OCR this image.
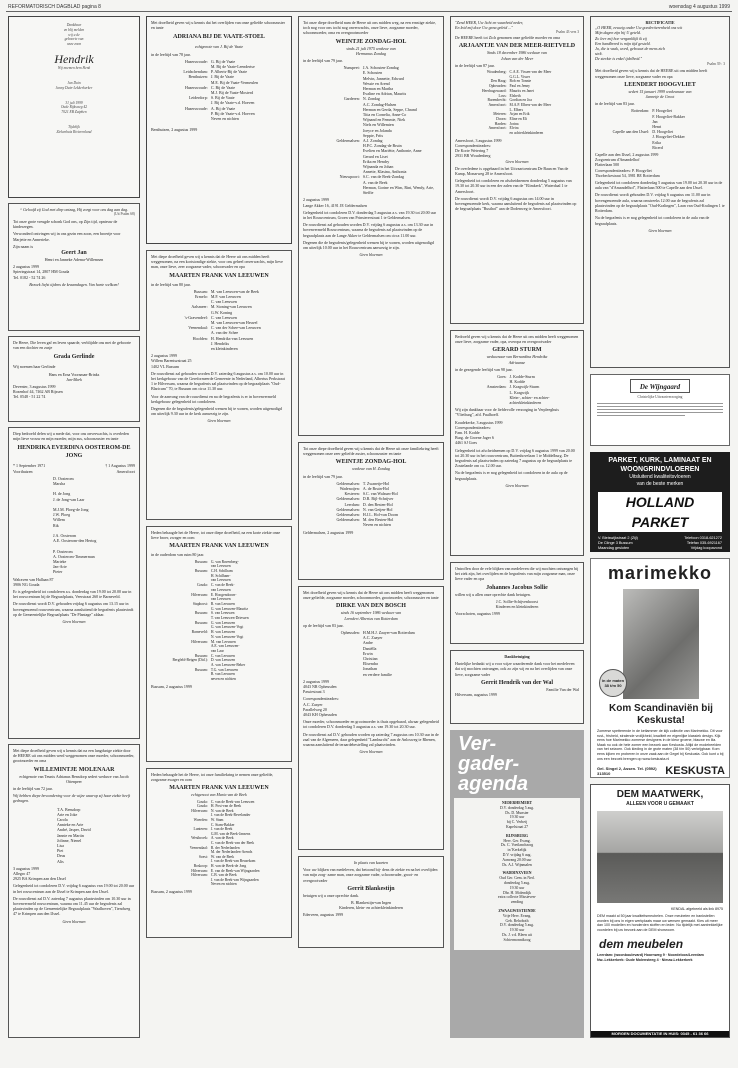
REFORMATORISCH DAGBLAD pagina 8	woensdag 4 augustus 1999
Dankbaar
en blij melden
wij u de
geboorte van
onze zoon
Hendrik
Wij noemen hem Henk
Jan Duin
Janny Duin-Lekkerkerker
31 juli 1999
Oude Rijksweg 42
7021 EB Zutphen
Tijdelijk
Ziekenhuis Rivierenland
“ Geloofd zij God met diep ontzag, Hij zorgt voor ons dag aan dag.
(Uit Psalm 68)
Tot onze grote vreugde schonk God ons, op Zijn tijd, opnieuw de kinderzegen.
Verwonderd ontvingen wij in ons gezin een zoon, een broertje voor Marjette en Annerieke.
Zijn naam is
Geert Jan
Henri en Janneke Adema-Willemsen
2 augustus 1999
Spieringstraat 14, 2807 HM Gouda
Tel. 0182 - 52 74 26
Bezoek liefst tijdens de kraamdagen. Van harte welkom!
De Heere, Die leven gaf en leven spaarde, verblijdde ons met de geboorte van een dochter en zusje
Grada Gerlinde
Wij noemen haar Gerlinde
Hans en Erna Voorsman-Brinks
Jan-Mark
Deventer, 3 augustus 1999
Rozenhof 44, 7462 AB Rijssen
Tel. 0548 - 51 22 74
Diep bedroefd delen wij u mede dat, voor ons onverwachts, is overleden mijn lieve vrouw en mijn moeder, mijn zus, schoonzuster en tante
HENDRIKA EVERDINA OOSTEROM-DE JONG
* 1 September 1971	† 1 Augustus 1999
Voorthuizen	Amersfoort
D. Oosterom
Marsha

H. de Jong
J. de Jong-van Laar

M.J.M. Ploeg-de Jong
J.W. Ploeg
Willem
Rik

J.A. Oosterom
A.E. Oosterom-den Hertog

P. Oosterom
A. Oosterom-Timmerman
Marieke
Jan-Arie
Pieter
Walraven van Hallaan 87
3906 NG Gouda
Er is gelegenheid tot condoleren a.s. donderdag van 19.00 tot 20.00 uur in het rouwcentrum bij de Begraafplaats, Veerstraat 260 te Barneveld.
De rouwdienst wordt D.V. gehouden vrijdag 6 augustus om 13.15 uur in bovengenoemd rouwcentrum, waarna aansluitend de begrafenis plaatsvindt op de Gemeentelijke Begraafplaats "De Plantage" aldaar.
Geen bloemen
Met diepe droefheid geven wij u kennis dat na een langdurige ziekte door de HEERE uit ons midden werd weggenomen onze moeder, schoonmoeder, grootmoeder en oma
WILLEMINTJE MOLENAAR
echtgenote van Teunis Adrianus Bensdorp sedert weduwe van Jacob Ottenpeer
in de leeftijd van 72 jaar.
Wij hebben diepe bewondering voor de wijze waarop zij haar ziekte heeft gedragen.
T.A. Bensdorp
Arie en Joke
Carola
Annieke en Arie
André, Jasper, David
Jannie en Martin
Jolinne, Nienel
Lisa
Piet
Deus
Alis
3 augustus 1999
Allegro 47
2925 BA Krimpen aan den IJssel
Gelegenheid tot condoleren D.V. vrijdag 6 augustus van 19.00 tot 20.00 uur in het rouwcentrum aan de IJssel te Krimpen aan den IJssel.
De rouwdienst zal D.V. zaterdag 7 augustus plaatsvinden om 10.30 uur in bovenvermeld rouwcentrum, waarna om 11.45 uur de begrafenis zal plaatsvinden op de Gemeentelijke Begraafplaats "Waalhoven", Tiendweg 47 te Krimpen aan den IJssel.
Geen bloemen
Met droefheid geven wij u kennis dat het overlijden van onze geliefde schoonzuster en tante
ADRIANA BIJ DE VAATE-STOEL
echtgenote van J. Bij de Vaate
in de leeftijd van 78 jaar.
Hazerswoude: G. Bij de Vaate
M. Bij de Vaate-Leendertse
Leidschendam: P. Alberts-Bij de Vaate
Benthuizen: J. Bij de Vaate
M.E. Bij de Vaate-Vermeulen
Hazerswoude: C. Bij de Vaate
M.J. Bij de Vaate-Mosterd
Leiderdorp: S. Bij de Vaate
J. Bij de Vaate-v.d. Hoeven
Hazerswoude: A. Bij de Vaate
P. Bij de Vaate-v.d. Hoeven
Neven en nichten
Benthuizen, 2 augustus 1999
Met diepe droefheid geven wij u kennis dat de Heere uit ons midden heeft weggenomen, na een kortstondige ziekte, voor ons geheel onverwachts, mijn lieve man, onze lieve, zeer zorgzame vader, schoonvader en opa
MAARTEN FRANK VAN LEEUWEN
in de leeftijd van 80 jaar.
Bussum: M. van Leeuwen-van de Beek
Ermelo: M.F. van Leeuwen
C. van Leeuwen
Aalsmeer: M. Stoning-van Leeuwen
G.W. Koning
's-Gravendeel: C. van Leeuwen
M. van Leeuwen-van Heuvel
Veenendaal: C. van der Schee-van Leeuwen
A. van der Schee
Hoofden: H. Hendriks-van Leeuwen
J. Hendriks
en kleinkinderen
2 augustus 1999
Willem Barentszstraat 25
1402 VL Bussum
De rouwdienst zal gehouden worden D.V. zaterdag 6 augustus a.s. om 10.00 uur in het kerkgebouw van de Gereformeerde Gemeente in Nederland, Albertus Perkstraat 1 te Hilversum, waarna de begrafenis zal plaatsvinden op de begraafplaats "Oud-Blaricum" 70, te Bussum om circa 11.30 uur.
Voor de aanvang van de rouwdienst en na de begrafenis is er in bovenvermeld kerkgebouw gelegenheid tot condoleren.
Degenen die de begrafenis/gelegenheid wensen bij te wonen, worden uitgenodigd om uiterlijk 9.30 uur in de kerk aanwezig te zijn.
Geen bloemen
Heden behaagde het de Heere, tot onze diepe droefheid, na een korte ziekte onze lieve broer, zwager en oom
MAARTEN FRANK VAN LEEUWEN
in de ouderdom van ruim 80 jaar.
Bussum: G. van Ravenberg-
van Leeuwen
Bussum: C.H. Schilham
H. Schilham-
van Leeuwen
Gouda: C. van de Beek-
van Leeuwen
Hilversum: E. Hoogendoorn-
van Leeuwen
Staphorst: R. van Leeuwen
G. van Leeuwen-Mauritz
Bussum: S. van Leeuwen
T. van Leeuwen-Driessen
Bussum: G. van Leeuwen
G. van Leeuwen-Vogt
Barneveld: H. van Leeuwen
N. van Leeuwen-Vogt
Hilversum: M. van Leeuwen
A.E. van Leeuwen-
van Laar
Bussum: C. van Leeuwen
Bergfeld-Beigen (Did.): D. van Leeuwen
A. van Leeuwen-Beker
Bussum: T.G. van Leeuwen
B. van Leeuwen
neven en nichten
Bussum, 2 augustus 1999
Heden behaagde het de Heere, tot onze familiekring te nemen onze geliefde, zorgzame zwager en oom
MAARTEN FRANK VAN LEEUWEN
echtgenoot van Maria van de Beek
Gouda: C. van de Beek-van Leeuwen
Gouda: H. Post-van de Beek
Hilversum: N. van de Beek
J. van de Beek-Bevelander
Woerden: W. Stam
C. Stam-Bakker
Lunteren: J. van de Beek
G.M. van de Beek-Jansens
Westbroek: A. van de Beek
C. van de Beek-van der Beek
Veenendaal: R. der Nederlanden
M. der Nederlanden-Arends
Soest: W. van de Beek
J. van de Beek-van Beusekom
Boskoop: H. van de Beek-de Jong
Hilversum: E. van de Beek-van Wijngaarden
Hilversum: C.B. van de Beek
J. van de Beek-van Wijngaarden
Neven en nichten
Bussum, 2 augustus 1999
Tot onze diepe droefheid nam de Heere uit ons midden weg, na een ernstige ziekte, toch nog voor ons tocht nog onverwachts, onze lieve, zorgzame moeder, schoonmoeder, oma en overgrootmoeder
WEINTJE ZONDAG-HOL
sinds 21 juli 1975 weduwe van
Hermanus Zondag
in de leeftijd van 79 jaar.
Nunspeet: J.A. Schouten-Zondag
E. Schouten
Melvin, Jannette, Edward
Wessie en Arend
Herman en Martha
Evaline en Adrian, Maurits
Garderen: N. Zondag
A.C. Zondag-Hulsen
Herman en Gerda, Seppe, Chrand
Titia en Cornelia, Anne-Co
Wijnand en Femmie, Niek
Niels en Willemien
Joeyce en Jolanda
Seppie, Frits
Geldermalsen: A.J. Zondag
H.P.C. Zondag-de Bruin
Evelien en Mariëtte, Anthonie, Anne
Gerard en Liset
Erika en Hendry
Wijnanda en Johan
Annette, Klasina, Anthonia
Nieuwpoort: S.C. van de Beek-Zondag
A. van de Beek
Herman, Gorine en Wim, Rini, Wendy, Arie, Steffie
2 augustus 1999
Lange Akker 16, 4191 JE Geldermalsen
Gelegenheid tot condoleren D.V. donderdag 5 augustus a.s. van 19.30 tot 20.00 uur in het Rouwcentrum, Groen van Prinstererstraat 1 te Geldermalsen.
De rouwdienst zal gehouden worden D.V. vrijdag 6 augustus a.s. om 13.30 uur in bovenvermeld Rouwcentrum, waarna de begrafenis zal plaatsvinden op de begraafplaats aan de Lange Akker te Geldermalsen om circa 11.00 uur.
Degenen die de begrafenis/gelegenheid wensen bij te wonen, worden uitgenodigd om uiterlijk 10.00 uur in het Rouwcentrum aanwezig te zijn.
Geen bloemen
Tot onze diepe droefheid geven wij u kennis dat de Heere uit onze familiekring heeft weggenomen onze zeer geliefde zuster, schoonzuster en tante
WEINTJE ZONDAG-HOL
weduwe van H. Zondag
in de leeftijd van 79 jaar.
Geldermalsen: T. Zwanetje-Hol
Wadenoijen: A. de Bruin-Hol
Kesteren: S.C. van Walsum-Hol
Geldermalsen: D.R. Bijl-Schrijver
Leerdam: D. den Besten-Hol
Geldermalsen: N. van Geijen-Hol
Geldermalsen: H.J.L. Hol-van Doorn
Geldermalsen: M. den Besten-Hol
Neven en nichten
Geldermalsen, 2 augustus 1999
Met droefheid geven wij u kennis dat de Heere uit ons midden heeft weggenomen onze geliefde, zorgzame moeder, schoonmoeder, grootmoeder, schoonzuster en tante
DIRKE VAN DEN BOSCH
sinds 16 september 1986 weduwe van
Leendert Albertus van Rotterdam
op de leeftijd van 83 jaar.
Opheusden: H.M.H.J. Zaayer-van Rotterdam
A.C. Zaayer
Andre
Daniëlla
Erwin
Christian
Elisendra
Jonathan
en verdere familie
2 augustus 1999
4043 NR Opheusden
Passiestraat 3
Correspondentieadres:
A.C. Zaayer
Parallelweg 20
4043 KH Opheusden
Onze moeder, schoonmoeder en grootmoeder is thuis opgebaard, alwaar gelegenheid tot condoleren D.V. donderdag 5 augustus a.s. van 19.30 tot 20.30 uur.
De rouwdienst zal D.V. gehouden worden op zaterdag 7 augustus om 10.30 uur in de zaal van de Algemeen, daar gelegenheid "Lamburcht" aan de Anlosweg te Rhenen, waarna aansluitend de teraardebestelling zal plaatsvinden.
Geen bloemen
In plaats van kaarten
Voor uw blijken van medeleven, dat betoond bij- dens de ziekte en na het overlijden van mijn zorg- zame man, onze zorgzame vader, schoonvader, groot- en overgrootvader
Gerrit Blankestijn
betuigen wij u onze oprechte dank.
B. Blankestijn-van Ingen
Kinderen, klein- en achterkleinkinderen
Ederveen, augustus 1999
"Zend HEER, Uw licht en waarheid neder,
En leid mij door Uw gena geleid ..."
Psalm 43 vers 3
De HEERE heeft tot Zich genomen onze geliefde moeder en oma
ARJAANTJE VAN DER MEER-RIETVELD
Sinds 18 december 1986 weduwe van
Johan van der Meer
in de leeftijd van 87 jaar.
Woudenberg: C.A.E. Vissen-van der Meer
G.G.L. Visser
Den Haag: Bob en Tonnie
Opheusden: Paul en Jenny
Heerhugowaard: Maurits en Janet
Loss: Elsbeth
Barendrecht: Gordian en Joa
Amersfoort: M.A.P. Elbers-van der Meer
L. Elbers
Meteren: Arjan en Erik
Doorn: Eline en Eli
Harden: Jorina
Amersfoort: Elvira
en achterkleinkinderen
Amersfoort, 3 augustus 1999
Correspondentieadres:
De Korte Wetering 7
2931 BR Woudenberg
Geen bloemen
De overledene is opgebaard in het Uitvaartcentrum De Baan en Van de Kamp, Monarweg 28 te Amersfoort.
Gelegenheid tot condoleren en afscheidnemen donderdag 5 augustus van 19.30 tot 20.30 uur in een der zalen van de "Elimkerk", Waterdaal 1 te Amersfoort.
De rouwdienst wordt D.V. vrijdag 6 augustus om 14.00 uur in bovengenoemde kerk, waarna aansluitend de begrafenis zal plaatsvinden op de begraafplaats "Rusthof" aan de Dodenweg te Amersfoort.
Bedroefd geven wij u kennis dat de Heere uit ons midden heeft weggenomen onze lieve, zorgzame vader, opa, overopa en overgrootvader
GERARD STURM
weduwnaar van Bernardina Hendrika
Adriaanse
in de gezegende leeftijd van 98 jaar.
Goes: J. Kodde-Sturm
H. Kodde
Amsterdam: J. Kragwijk-Sturm
L. Kragwijk
Klein-, achter- en achter-achterkleinkinderen
Wij zijn dankbaar voor de liefdevolle verzorging in Verpleeghuis "Vlietburg", afd. Paulhoeff.
Koudekerke, 3 augustus 1999
Correspondentieadres:
Fam. H. Kodde
Burg. de Groene Jager 6
4461 SJ Goes
Gelegenheid tot afscheidnemen op D.V. vrijdag 6 augustus 1999 van 20.00 tot 20.30 uur in het rouwcentrum, Buitenhovelaan 1 te Middelburg. De begrafenis zal plaatsvinden op zaterdag 7 augustus op de begraafplaats te Zoutelande om ca. 12.00 uur.
Na de begrafenis is er nog gelegenheid tot condoleren in de aula op de begraafplaats.
Geen bloemen
Ontroffen door de vele blijken van medeleven die wij mochten ontvangen bij het ziek zijn, het overlijden en de begrafenis van mijn zorgzame man, onze lieve vader en opa
Johannes Jacobus Sollie
willen wij u allen onze oprechte dank betuigen.
J.C. Sollie-Schijvenhoorst
Kinderen en kleinkinderen
Voorschoten, augustus 1999
Dankbetuiging
Hartelijke bedankt wij u voor wijze waarderende dank voor het medeleven dat wij mochten ontvangen, ook zo zijn wij en na het overlijden van onze lieve, zorgzame vader
Gerrit Hendrik van der Wal
Familie Van der Wal
Hilversum, augustus 1999
Ver-
gader-
agenda
NEDERHEMERT
D.V. donderdag 5 aug.
Ds. D. Munster
19.30 uur
bij C. Verheij
Kapelstraat 27
RIJNSBURG
Herv. Ger. Evang.
Ds. C. Voetlanchzorg
in 'Kerkelijk
D.V. vrijdag 6 aug.
Aanvang 20.00 uur
Ds. A.J. Wijnmalen
WADDINXVEEN
Oud Ger. Gem. in Ned.
donderdag 5 aug.
19.30 uur
Dhr. H. Molendijk
extra collecte Missieven-
zending
ZWAAGWESTEINDE
Vrije Herv. Evang.
Geb. Rehoboth
D.V. donderdag 5 aug.
19.30 uur
Ds. J. v.d. Bleen uit
Schiermonnikoog
RECTIFICATIE
„O HEER, eeuwig onder Uw goedertierenheid ons wit
Mijn dagen zijn bij U geteld.
Zo leer mij hoe verganklijk ik zij
Een handbreed is mijn tijd gesteld.
Ja, die is vaak, word, gebouwt de mens zich
stelt.
De sterkte is enkel ijdelheid."
Psalm 39 : 3
Met droefheid geven wij u kennis dat de HEERE uit ons midden heeft weggenomen onze lieve, zorgzame vader en opa
LEENDERT HOOGVLIET
sedert 15 januari 1999 weduwnaar van
Jannetje de Groot
in de leeftijd van 83 jaar.
Rotterdam: P. Hoogvliet
F. Hoogvliet-Bakker
Jan
Henri
Capelle aan den IJssel: D. Hoogvliet
J. Hoogvliet-Dekker
Erika
Ricerd
Capelle aan den IJssel, 2 augustus 1999
Zorgcentrum d'Amandelhof
Flatterlaan 500
Correspondentieadres: P. Hoogvliet
Thorbeckestraat 54, 3981 BE Rotterdam
Gelegenheid tot condoleren donderdag 5 augustus van 19.00 tot 20.30 uur in de aula van "d'Amandelhof", Flatterlaan 500 te Capelle aan den IJssel.
De rouwdienst wordt gehouden D.V. vrijdag 6 augustus om 11.00 uur in bovengenoemde aula, waarna omstreeks 12.00 uur de begrafenis zal plaatsvinden op de begraafplaats "Oud-Kralingen", Laan van Oud-Kralingen 1 te Rotterdam.
Na de begrafenis is er nog gelegenheid tot condoleren in de aula van de begraafplaats.
Geen bloemen
De Wijngaard
Christelijke Uitvaartverzorging
PARKET, KURK, LAMINAAT EN
WOONGRINDVLOEREN
Uitsluitend kwaliteitsvloeren
van de beste merken
HOLLAND PARKET
V. Bleiswijkstraat 2 (Zijl)
De Clinge 3 Bussum
Maandag gesloten
Telefoon 0318-621272
Telefax 035-6921167
Vrijdag koopavond
marimekko
in de maten
38 t/m 50
Kom Scandinaviën bij Keskusta!
Zomerse spetterende in de ketlammer de kijk collectie van Marimekko. Dit voor rust-, frisheid, stralende vrolijkheid, kwaliteit en eigenlijke klassiek design. Kijk eens hoe Marimekko zomerse designers in de kleur groene, blauwe en lila. Maak nu ook de hele zomer een bezoek aan Keskusta. Altijd de modebeelden van het seizoen. Ook kleding in de grote maten (38 t/m 50) verkrijgbaar. Kom eens kijken en proberen in onze zaak aan de Gegel bij Keskusta. Ook kunt u bij ons een bezoek brengen op www.keskusta.nl
Gel. Singel 2, Assen. Tel. (0592) 313510	KESKUSTA
DEM MAATWERK,
ALLEEN VOOR U GEMAAKT
KENDAL afgebeeld als link 8975
DEM maakt al 50 jaar kwaliteitsmeubelen. Onze meubelen en bankstellen worden bij ons in eigen werkplaats maar uw wensen gemaakt. Kies uit meer dan 100 modellen en honderden stoffen en leder. Nu tijdelijk met aantrekkelijke voordelen bij uw bezoek aan de DEM showroom.
dem meubelen
Leerdam: (woonboulevard) Hoornweg 9 · Noordeloos/Leerdam
Nw.-Lekkerkerk: Oude Molensteeg 4 · Nieuw-Lekkerkerk
MORGEN DOCUMENTATIE IN HUIS: 0345 - 61 36 66
